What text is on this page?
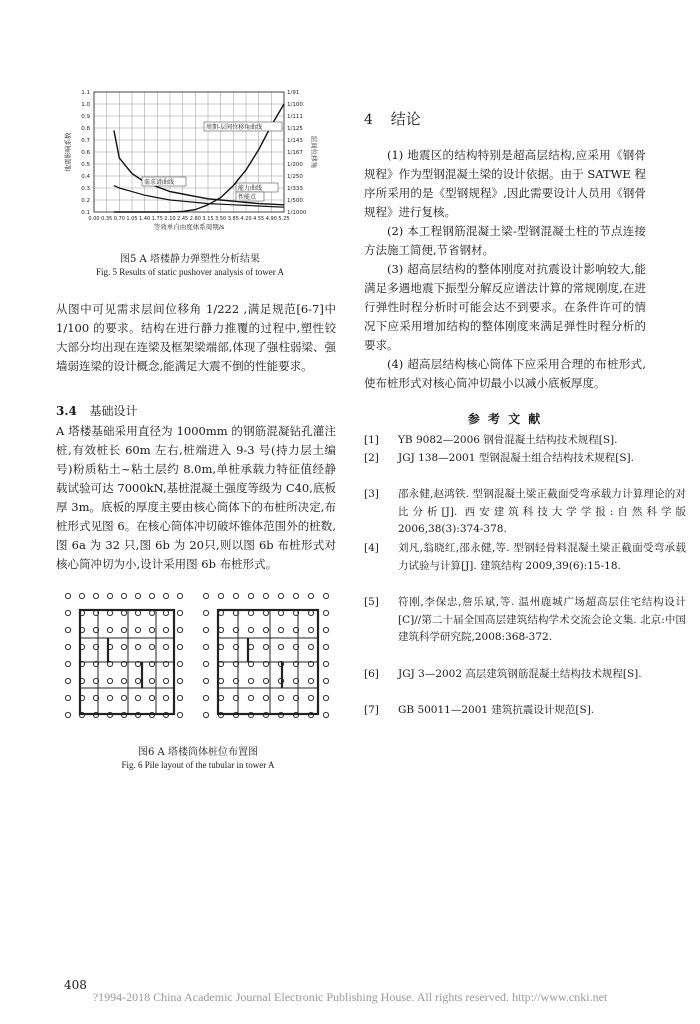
0.1
0.2
0.3
0.4
0.5
0.6
0.7
0.8
0.9
1.0
1.1
1/1000
1/500
1/333
1/250
1/200
1/167
1/143
1/125
1/111
1/100
1/91
0.00 0.35 0.70 1.05 1.40 1.75 2.10 2.45 2.80 3.15 3.50 3.85 4.20 4.55 4.90 5.25
等效单自由度体系周期/s
地震影响系数	层间位移角
周期-层间位移角曲线
需求谱曲线
能力曲线
性能点
图5 A 塔楼静力弹塑性分析结果
Fig. 5 Results of static pushover analysis of tower A
从图中可见需求层间位移角 1/222 ,满足规范[6-7]中 1/100 的要求。结构在进行静力推覆的过程中,塑性铰大部分均出现在连梁及框架梁端部,体现了强柱弱梁、强墙弱连梁的设计概念,能满足大震不倒的性能要求。
3.4 基础设计
A 塔楼基础采用直径为 1000mm 的钢筋混凝钻孔灌注桩,有效桩长 60m 左右,桩端进入 9-3 号(持力层土编号)粉质粘土~粘土层约 8.0m,单桩承载力特征值经静载试验可达 7000kN,基桩混凝土强度等级为 C40,底板厚 3m。底板的厚度主要由核心筒体下的布桩所决定,布桩形式见图 6。在核心筒体冲切破坏锥体范围外的桩数,图 6a 为 32 只,图 6b 为 20只,则以图 6b 布桩形式对核心筒冲切为小,设计采用图 6b 布桩形式。
图6 A 塔楼筒体桩位布置图
Fig. 6 Pile layout of the tubular in tower A
4 结论
(1) 地震区的结构特别是超高层结构,应采用《钢骨规程》作为型钢混凝土梁的设计依据。由于 SATWE 程序所采用的是《型钢规程》,因此需要设计人员用《钢骨规程》进行复核。
(2) 本工程钢筋混凝土梁-型钢混凝土柱的节点连接方法施工简便,节省钢材。
(3) 超高层结构的整体刚度对抗震设计影响较大,能满足多遇地震下振型分解反应谱法计算的常规刚度,在进行弹性时程分析时可能会达不到要求。在条件许可的情况下应采用增加结构的整体刚度来满足弹性时程分析的要求。
(4) 超高层结构核心筒体下应采用合理的布桩形式,使布桩形式对核心筒冲切最小以减小底板厚度。
参 考 文 献
[1] YB 9082—2006 钢骨混凝土结构技术规程[S].
[2] JGJ 138—2001 型钢混凝土组合结构技术规程[S].
[3] 邵永健,赵鸿铁. 型钢混凝土梁正截面受弯承载力计算理论的对比分析[J]. 西安建筑科技大学学报:自然科学版 2006,38(3):374-378.
[4] 刘凡,翁晓红,邵永健,等. 型钢轻骨料混凝土梁正截面受弯承载力试验与计算[J]. 建筑结构 2009,39(6):15-18.
[5] 符刚,李保忠,詹乐斌,等. 温州鹿城广场超高层住宅结构设计[C]//第二十届全国高层建筑结构学术交流会论文集. 北京:中国建筑科学研究院,2008:368-372.
[6] JGJ 3—2002 高层建筑钢筋混凝土结构技术规程[S].
[7] GB 50011—2001 建筑抗震设计规范[S].
408
?1994-2018 China Academic Journal Electronic Publishing House. All rights reserved. http://www.cnki.net
